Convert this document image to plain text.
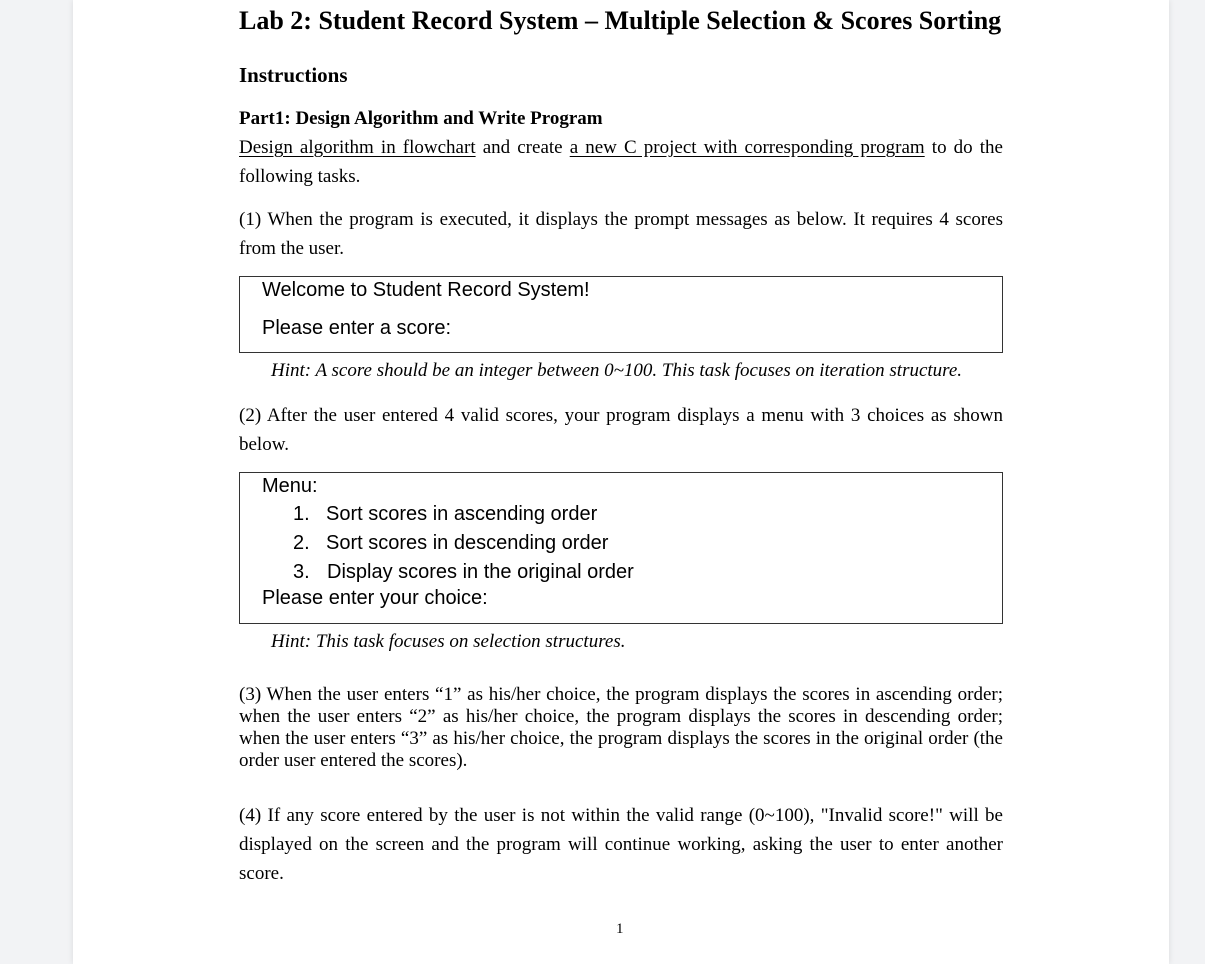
Lab 2: Student Record System – Multiple Selection & Scores Sorting
Instructions
Part1: Design Algorithm and Write Program
Design algorithm in flowchart and create a new C project with corresponding program to do the following tasks.
(1) When the program is executed, it displays the prompt messages as below. It requires 4 scores from the user.
Welcome to Student Record System!
Please enter a score:
Hint: A score should be an integer between 0~100. This task focuses on iteration structure.
(2) After the user entered 4 valid scores, your program displays a menu with 3 choices as shown below.
Menu:
1. Sort scores in ascending order
2. Sort scores in descending order
3. Display scores in the original order
Please enter your choice:
Hint: This task focuses on selection structures.
(3) When the user enters “1” as his/her choice, the program displays the scores in ascending order; when the user enters “2” as his/her choice, the program displays the scores in descending order; when the user enters “3” as his/her choice, the program displays the scores in the original order (the order user entered the scores).
(4) If any score entered by the user is not within the valid range (0~100), "Invalid score!" will be displayed on the screen and the program will continue working, asking the user to enter another score.
1
